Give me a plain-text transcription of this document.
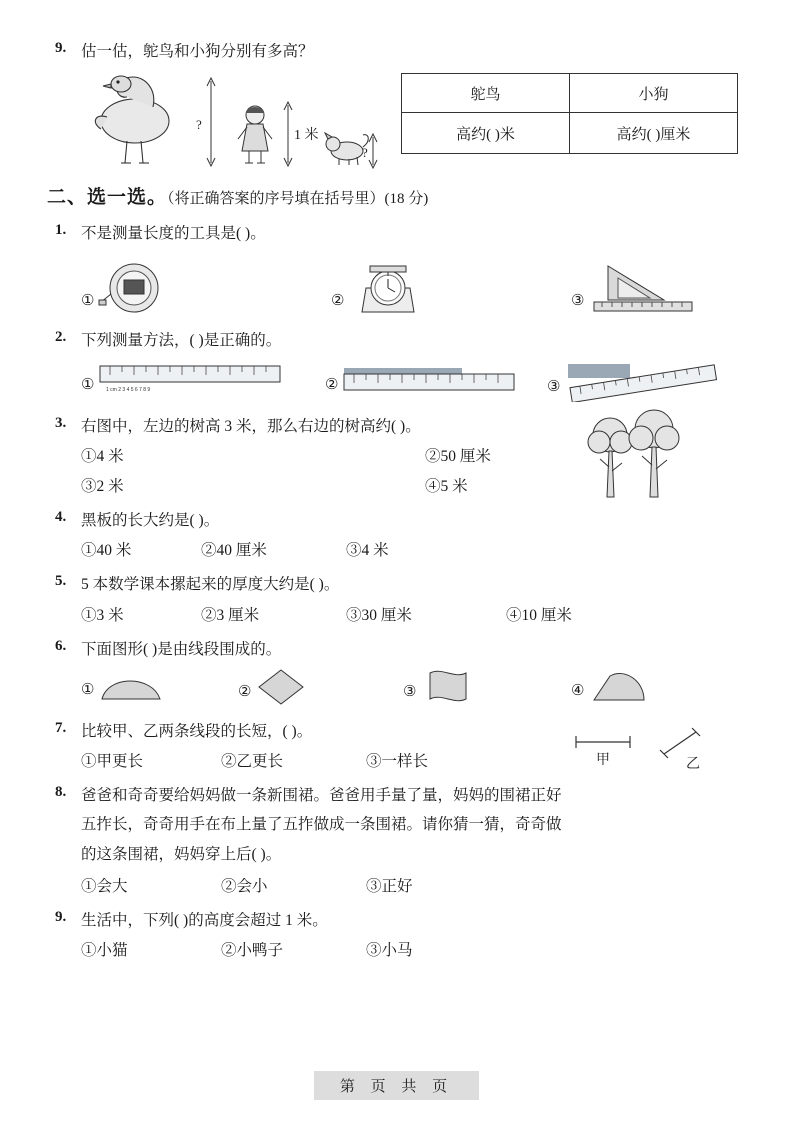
9. 估一估，鸵鸟和小狗分别有多高？
?
1 米
?
鸵鸟	小狗
高约( )米	高约( )厘米
二、选一选。（将正确答案的序号填在括号里）(18 分)
1. 不是测量长度的工具是( )。
①	②	③
2. 下列测量方法，( )是正确的。
① 1 cm 2 3 4 5 6 7 8 9	②	③
3. 右图中，左边的树高 3 米，那么右边的树高约( )。
①4 米	②50 厘米
③2 米	④5 米
4. 黑板的长大约是( )。
①40 米	②40 厘米	③4 米
5. 5 本数学课本摞起来的厚度大约是( )。
①3 米	②3 厘米	③30 厘米	④10 厘米
6. 下面图形( )是由线段围成的。
①	②	③	④
7. 比较甲、乙两条线段的长短，( )。
①甲更长	②乙更长	③一样长	甲	乙
8. 爸爸和奇奇要给妈妈做一条新围裙。爸爸用手量了量，妈妈的围裙正好
五拃长，奇奇用手在布上量了五拃做成一条围裙。请你猜一猜，奇奇做
的这条围裙，妈妈穿上后( )。
①会大	②会小	③正好
9. 生活中，下列( )的高度会超过 1 米。
①小猫	②小鸭子	③小马
第 页 共 页
